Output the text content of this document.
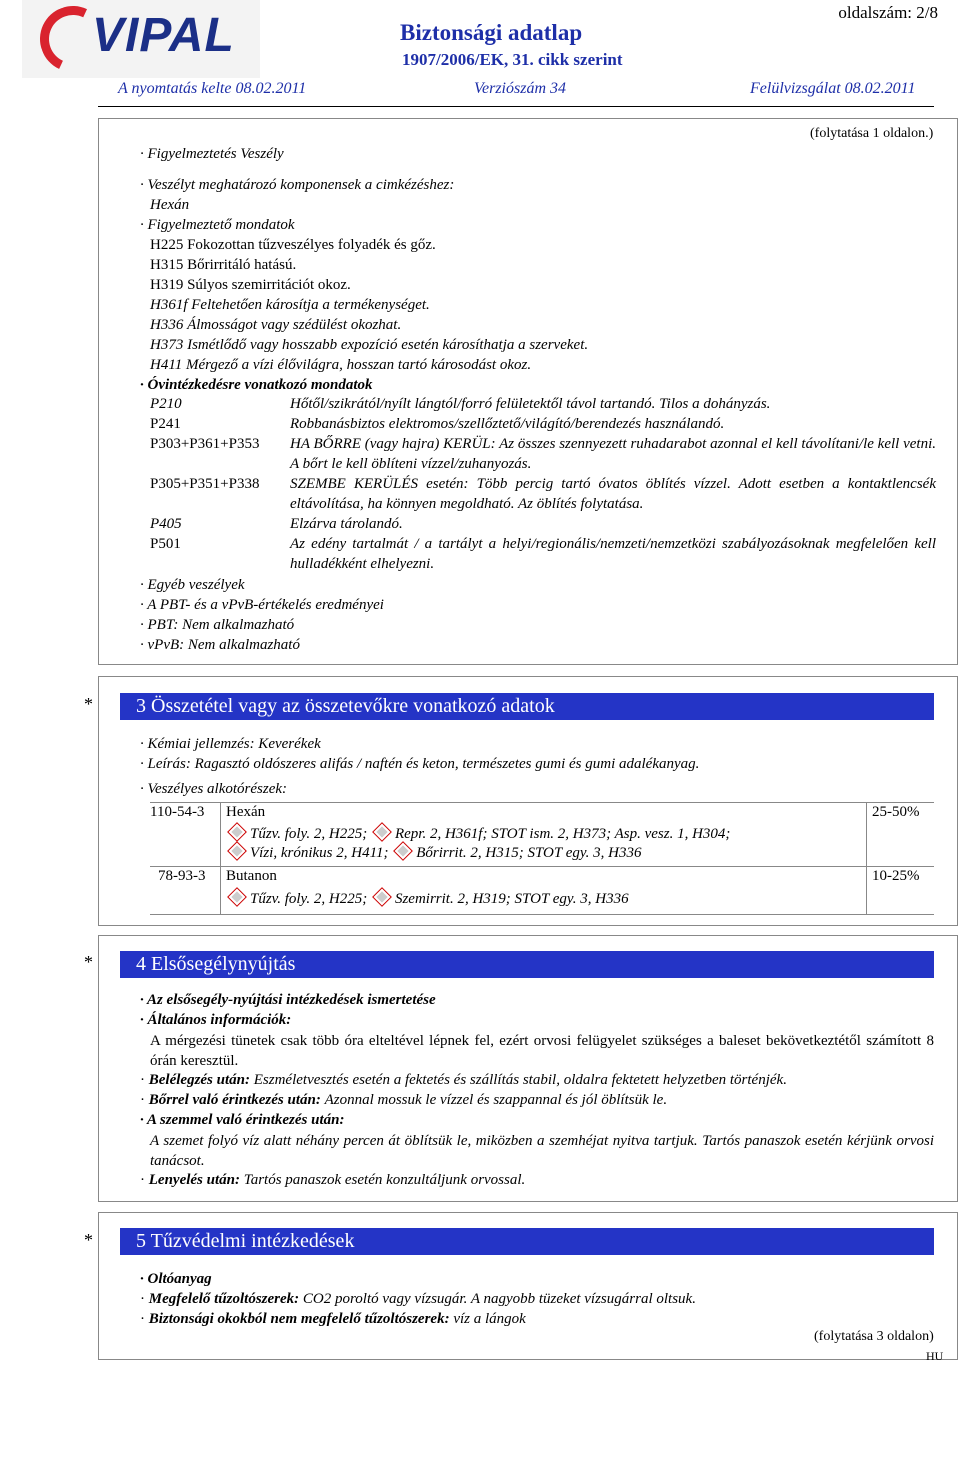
VIPAL	Biztonsági adatlap
1907/2006/EK, 31. cikk szerint
oldalszám: 2/8
A nyomtatás kelte 08.02.2011	Verziószám 34	Felülvizsgálat 08.02.2011
(folytatása 1 oldalon.)
· Figyelmeztetés Veszély
· Veszélyt meghatározó komponensek a cimkézéshez:
Hexán
· Figyelmeztető mondatok
H225 Fokozottan tűzveszélyes folyadék és gőz.
H315 Bőrirritáló hatású.
H319 Súlyos szemirritációt okoz.
H361f Feltehetően károsítja a termékenységet.
H336 Álmosságot vagy szédülést okozhat.
H373 Ismétlődő vagy hosszabb expozíció esetén károsíthatja a szerveket.
H411 Mérgező a vízi élővilágra, hosszan tartó károsodást okoz.
· Óvintézkedésre vonatkozó mondatok
P210	Hőtől/szikrától/nyílt lángtól/forró felületektől távol tartandó. Tilos a dohányzás.
P241	Robbanásbiztos elektromos/szellőztető/világító/berendezés használandó.
P303+P361+P353	HA BŐRRE (vagy hajra) KERÜL: Az összes szennyezett ruhadarabot azonnal el kell távolítani/le kell vetni. A bőrt le kell öblíteni vízzel/zuhanyozás.
P305+P351+P338	SZEMBE KERÜLÉS esetén: Több percig tartó óvatos öblítés vízzel. Adott esetben a kontaktlencsék eltávolítása, ha könnyen megoldható. Az öblítés folytatása.
P405	Elzárva tárolandó.
P501	Az edény tartalmát / a tartályt a helyi/regionális/nemzeti/nemzetközi szabályozásoknak megfelelően kell hulladékként elhelyezni.
· Egyéb veszélyek
· A PBT- és a vPvB-értékelés eredményei
· PBT: Nem alkalmazható
· vPvB: Nem alkalmazható
*	3 Összetétel vagy az összetevőkre vonatkozó adatok
· Kémiai jellemzés: Keverékek
· Leírás: Ragasztó oldószeres alifás / naftén és keton, természetes gumi és gumi adalékanyag.
· Veszélyes alkotórészek:
110-54-3 Hexán	25-50%
Tűzv. foly. 2, H225; Repr. 2, H361f; STOT ism. 2, H373; Asp. vesz. 1, H304;
Vízi, krónikus 2, H411; Bőrirrit. 2, H315; STOT egy. 3, H336
78-93-3 Butanon	10-25%
Tűzv. foly. 2, H225; Szemirrit. 2, H319; STOT egy. 3, H336
*	4 Elsősegélynyújtás
· Az elsősegély-nyújtási intézkedések ismertetése
· Általános információk:
A mérgezési tünetek csak több óra elteltével lépnek fel, ezért orvosi felügyelet szükséges a baleset bekövetkeztétől számított 8 órán keresztül.
· Belélegzés után: Eszméletvesztés esetén a fektetés és szállítás stabil, oldalra fektetett helyzetben történjék.
· Bőrrel való érintkezés után: Azonnal mossuk le vízzel és szappannal és jól öblítsük le.
· A szemmel való érintkezés után:
A szemet folyó víz alatt néhány percen át öblítsük le, miközben a szemhéjat nyitva tartjuk. Tartós panaszok esetén kérjünk orvosi tanácsot.
· Lenyelés után: Tartós panaszok esetén konzultáljunk orvossal.
*	5 Tűzvédelmi intézkedések
· Oltóanyag
· Megfelelő tűzoltószerek: CO2 poroltó vagy vízsugár. A nagyobb tüzeket vízsugárral oltsuk.
· Biztonsági okokból nem megfelelő tűzoltószerek: víz a lángok
(folytatása 3 oldalon)
HU
